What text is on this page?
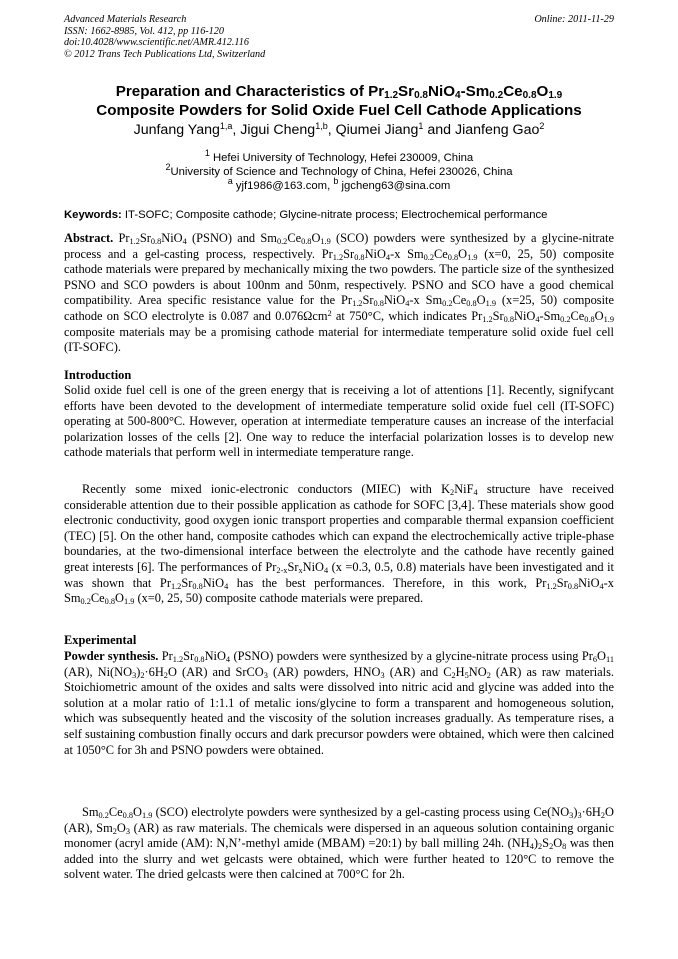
Advanced Materials Research
ISSN: 1662-8985, Vol. 412, pp 116-120
doi:10.4028/www.scientific.net/AMR.412.116
© 2012 Trans Tech Publications Ltd, Switzerland
Online: 2011-11-29
Preparation and Characteristics of $Pr_{1.2}Sr_{0.8}NiO_4-Sm_{0.2}Ce_{0.8}O_{1.9}$
Composite Powders for Solid Oxide Fuel Cell Cathode Applications
Junfang Yang$^{1,a}$, Jigui Cheng$^{1,b}$, Qiumei Jiang$^1$ and Jianfeng Gao$^2$
$^1$ Hefei University of Technology, Hefei 230009, China
$^2$University of Science and Technology of China, Hefei 230026, China
$^a$ yjf1986@163.com, $^b$ jgcheng63@sina.com
Keywords: IT-SOFC; Composite cathode; Glycine-nitrate process; Electrochemical performance
Abstract. $Pr_{1.2}Sr_{0.8}NiO_4$ (PSNO) and $Sm_{0.2}Ce_{0.8}O_{1.9}$ (SCO) powders were synthesized by a glycine-nitrate process and a gel-casting process, respectively. $Pr_{1.2}Sr_{0.8}NiO_4-x$ $Sm_{0.2}Ce_{0.8}O_{1.9}$ (x=0, 25, 50) composite cathode materials were prepared by mechanically mixing the two powders. The particle size of the synthesized PSNO and SCO powders is about 100nm and 50nm, respectively. PSNO and SCO have a good chemical compatibility. Area specific resistance value for the $Pr_{1.2}Sr_{0.8}NiO_4-x$ $Sm_{0.2}Ce_{0.8}O_{1.9}$ (x=25, 50) composite cathode on SCO electrolyte is 0.087 and 0.076Ωcm$^2$ at 750°C, which indicates $Pr_{1.2}Sr_{0.8}NiO_4-Sm_{0.2}Ce_{0.8}O_{1.9}$ composite materials may be a promising cathode material for intermediate temperature solid oxide fuel cell (IT-SOFC).
Introduction
Solid oxide fuel cell is one of the green energy that is receiving a lot of attentions [1]. Recently, signifycant efforts have been devoted to the development of intermediate temperature solid oxide fuel cell (IT-SOFC) operating at 500-800°C. However, operation at intermediate temperature causes an increase of the interfacial polarization losses of the cells [2]. One way to reduce the interfacial polarization losses is to develop new cathode materials that perform well in intermediate temperature range.
Recently some mixed ionic-electronic conductors (MIEC) with $K_2NiF_4$ structure have received considerable attention due to their possible application as cathode for SOFC [3,4]. These materials show good electronic conductivity, good oxygen ionic transport properties and comparable thermal expansion coefficient (TEC) [5]. On the other hand, composite cathodes which can expand the electrochemically active triple-phase boundaries, at the two-dimensional interface between the electrolyte and the cathode have recently gained great interests [6]. The performances of $Pr_{2-x}Sr_xNiO_4$ (x =0.3, 0.5, 0.8) materials have been investigated and it was shown that $Pr_{1.2}Sr_{0.8}NiO_4$ has the best performances. Therefore, in this work, $Pr_{1.2}Sr_{0.8}NiO_4-x$ $Sm_{0.2}Ce_{0.8}O_{1.9}$ (x=0, 25, 50) composite cathode materials were prepared.
Experimental
Powder synthesis. $Pr_{1.2}Sr_{0.8}NiO_4$ (PSNO) powders were synthesized by a glycine-nitrate process using $Pr_6O_{11}$ (AR), $Ni(NO_3)_2\cdot 6H_2O$ (AR) and SrCO$_3$ (AR) powders, $HNO_3$ (AR) and $C_2H_5NO_2$ (AR) as raw materials. Stoichiometric amount of the oxides and salts were dissolved into nitric acid and glycine was added into the solution at a molar ratio of 1:1.1 of metalic ions/glycine to form a transparent and homogeneous solution, which was subsequently heated and the viscosity of the solution increases gradually. As temperature rises, a self sustaining combustion finally occurs and dark precursor powders were obtained, which were then calcined at 1050°C for 3h and PSNO powders were obtained.
$Sm_{0.2}Ce_{0.8}O_{1.9}$ (SCO) electrolyte powders were synthesized by a gel-casting process using $Ce(NO_3)_3\cdot 6H_2O$ (AR), $Sm_2O_3$ (AR) as raw materials. The chemicals were dispersed in an aqueous solution containing organic monomer (acryl amide (AM): N,N’-methyl amide (MBAM) =20:1) by ball milling 24h. $(NH_4)_2S_2O_8$ was then added into the slurry and wet gelcasts were obtained, which were further heated to 120°C to remove the solvent water. The dried gelcasts were then calcined at 700°C for 2h.
